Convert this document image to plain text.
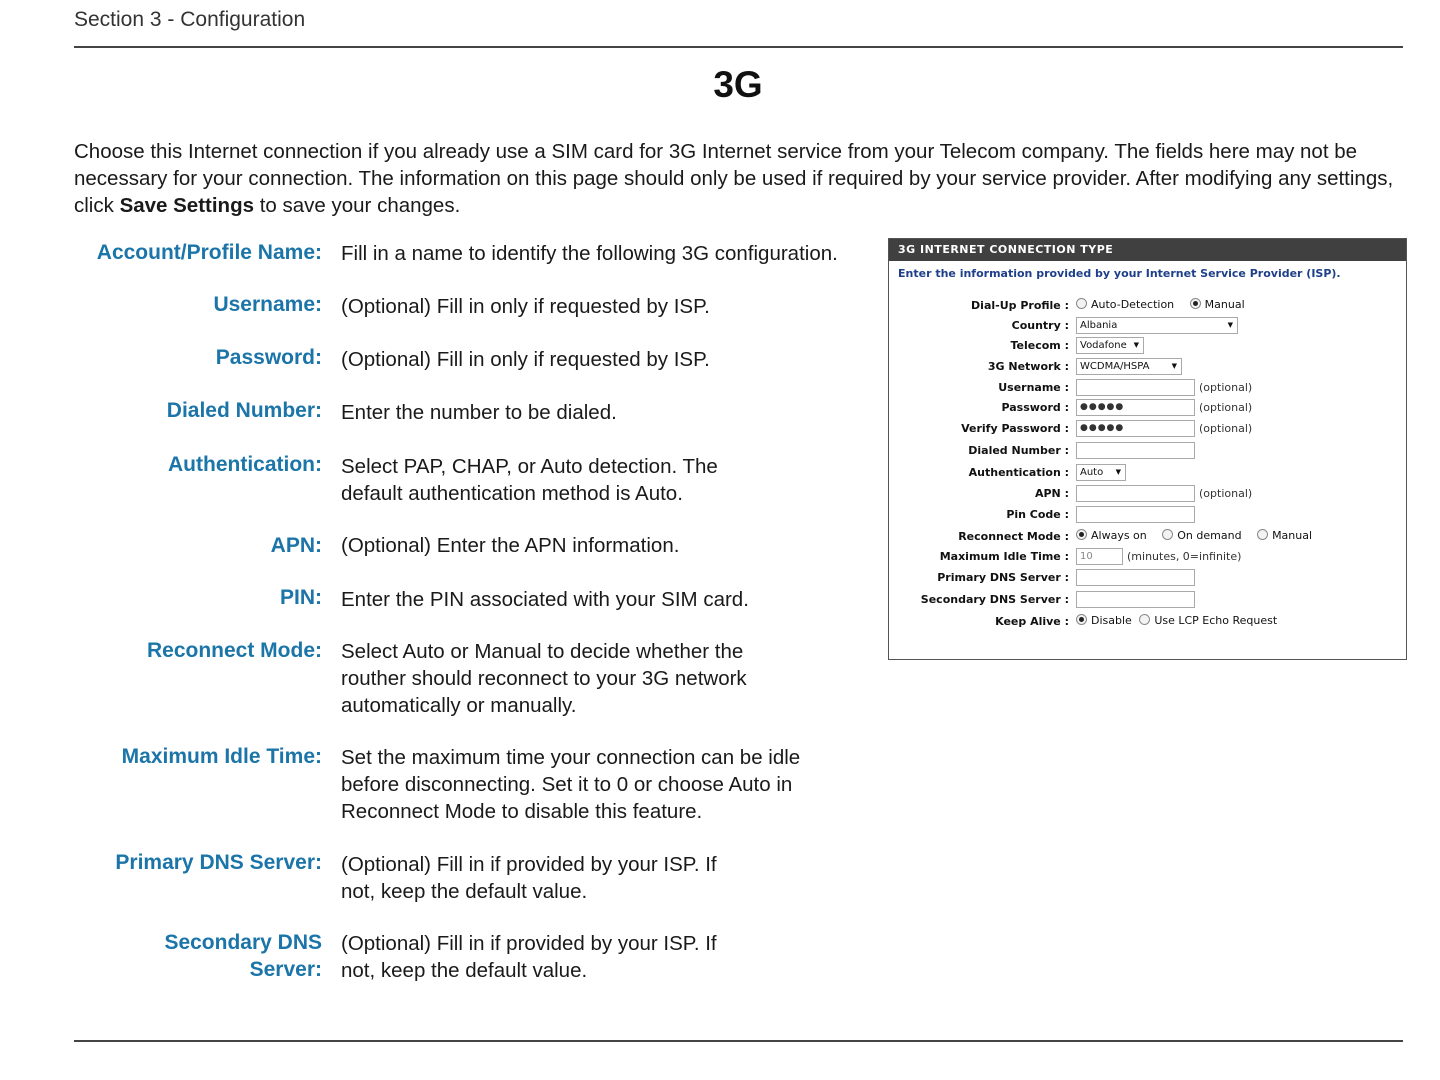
Section 3 - Configuration
3G
Choose this Internet connection if you already use a SIM card for 3G Internet service from your Telecom company. The fields here may not be necessary for your connection. The information on this page should only be used if required by your service provider. After modifying any settings, click Save Settings to save your changes.
Account/Profile Name: Fill in a name to identify the following 3G configuration.
Username: (Optional) Fill in only if requested by ISP.
Password: (Optional) Fill in only if requested by ISP.
Dialed Number: Enter the number to be dialed.
Authentication: Select PAP, CHAP, or Auto detection. The default authentication method is Auto.
APN: (Optional) Enter the APN information.
PIN: Enter the PIN associated with your SIM card.
Reconnect Mode: Select Auto or Manual to decide whether the routher should reconnect to your 3G network automatically or manually.
Maximum Idle Time: Set the maximum time your connection can be idle before disconnecting. Set it to 0 or choose Auto in Reconnect Mode to disable this feature.
Primary DNS Server: (Optional) Fill in if provided by your ISP. If not, keep the default value.
Secondary DNS Server:
(Optional) Fill in if provided by your ISP. If not, keep the default value.
3G INTERNET CONNECTION TYPE
Enter the information provided by your Internet Service Provider (ISP).
Dial-Up Profile :	Auto-Detection	Manual
Country : Albania	▼
Telecom : Vodafone ▼
3G Network : WCDMA/HSPA	▼
Username :	(optional)
Password :	●●●●●	(optional)
Verify Password :	●●●●●	(optional)
Dialed Number :
Authentication : Auto	▼
APN :	(optional)
Pin Code :
Reconnect Mode :	Always on	On demand	Manual
Maximum Idle Time :	10	(minutes, 0=infinite)
Primary DNS Server :
Secondary DNS Server :
Keep Alive :	Disable Use LCP Echo Request
